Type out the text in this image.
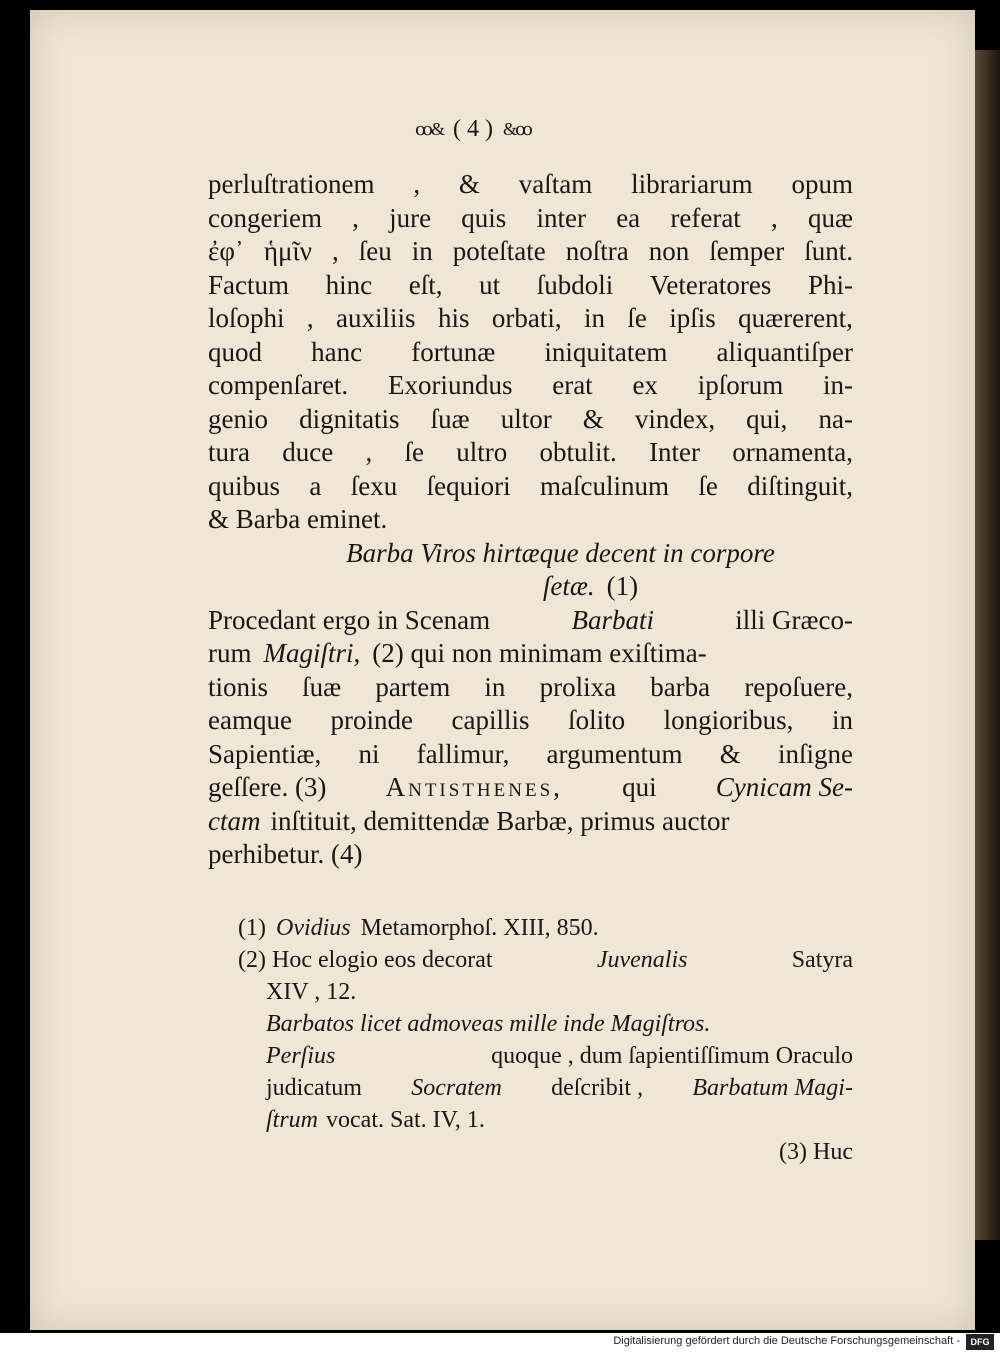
ꝏ& ( 4 ) &ꝏ
perluſtrationem , & vaſtam librariarum opum
congeriem , jure quis inter ea referat , quæ
ἐφ᾽ ἡμῖν , ſeu in poteſtate noſtra non ſemper ſunt.
Factum hinc eſt, ut ſubdoli Veteratores Phi-
loſophi , auxiliis his orbati, in ſe ipſis quærerent,
quod hanc fortunæ iniquitatem aliquantiſper
compenſaret. Exoriundus erat ex ipſorum in-
genio dignitatis ſuæ ultor & vindex, qui, na-
tura duce , ſe ultro obtulit. Inter ornamenta,
quibus a ſexu ſequiori maſculinum ſe diſtinguit,
& Barba eminet.
Barba Viros hirtæque decent in corpore
ſetæ. (1)
Procedant ergo in Scenam	Barbati	illi Græco-
rum Magiſtri, (2) qui non minimam exiſtima-
tionis ſuæ partem in prolixa barba repoſuere,
eamque proinde capillis ſolito longioribus, in
Sapientiæ, ni fallimur, argumentum & inſigne
geſſere. (3) Antisthenes, qui Cynicam Se-
ctam inſtituit, demittendæ Barbæ, primus auctor
perhibetur. (4)
(1) Ovidius Metamorphoſ. XIII, 850.
(2) Hoc elogio eos decorat	Juvenalis	Satyra
XIV , 12.
Barbatos licet admoveas mille inde Magiſtros.
Perſius	quoque , dum ſapientiſſimum Oraculo
judicatum Socratem deſcribit , Barbatum Magi-
ſtrum vocat. Sat. IV, 1.
(3) Huc
Digitalisierung gefördert durch die Deutsche Forschungsgemeinschaft -	DFG
